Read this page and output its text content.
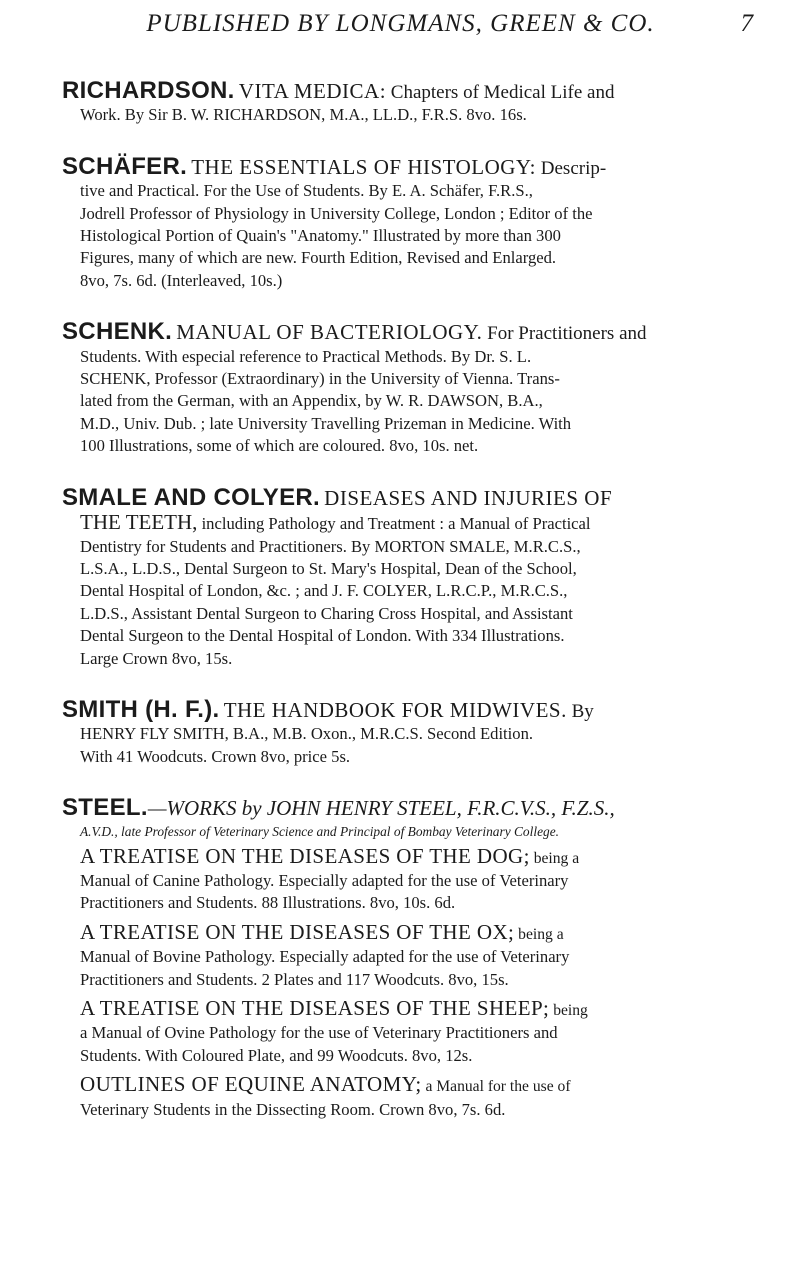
PUBLISHED BY LONGMANS, GREEN & CO.	7
RICHARDSON. VITA MEDICA: Chapters of Medical Life and
Work. By Sir B. W. RICHARDSON, M.A., LL.D., F.R.S. 8vo. 16s.
SCHÄFER. THE ESSENTIALS OF HISTOLOGY: Descrip-
tive and Practical. For the Use of Students. By E. A. Schäfer, F.R.S.,
Jodrell Professor of Physiology in University College, London ; Editor of the
Histological Portion of Quain's "Anatomy." Illustrated by more than 300
Figures, many of which are new. Fourth Edition, Revised and Enlarged.
8vo, 7s. 6d. (Interleaved, 10s.)
SCHENK. MANUAL OF BACTERIOLOGY. For Practitioners and
Students. With especial reference to Practical Methods. By Dr. S. L.
SCHENK, Professor (Extraordinary) in the University of Vienna. Trans-
lated from the German, with an Appendix, by W. R. DAWSON, B.A.,
M.D., Univ. Dub. ; late University Travelling Prizeman in Medicine. With
100 Illustrations, some of which are coloured. 8vo, 10s. net.
SMALE AND COLYER. DISEASES AND INJURIES OF
THE TEETH, including Pathology and Treatment : a Manual of Practical
Dentistry for Students and Practitioners. By MORTON SMALE, M.R.C.S.,
L.S.A., L.D.S., Dental Surgeon to St. Mary's Hospital, Dean of the School,
Dental Hospital of London, &c. ; and J. F. COLYER, L.R.C.P., M.R.C.S.,
L.D.S., Assistant Dental Surgeon to Charing Cross Hospital, and Assistant
Dental Surgeon to the Dental Hospital of London. With 334 Illustrations.
Large Crown 8vo, 15s.
SMITH (H. F.). THE HANDBOOK FOR MIDWIVES. By
HENRY FLY SMITH, B.A., M.B. Oxon., M.R.C.S. Second Edition.
With 41 Woodcuts. Crown 8vo, price 5s.
STEEL.—WORKS by JOHN HENRY STEEL, F.R.C.V.S., F.Z.S.,
A.V.D., late Professor of Veterinary Science and Principal of Bombay Veterinary College.
A TREATISE ON THE DISEASES OF THE DOG; being a
Manual of Canine Pathology. Especially adapted for the use of Veterinary
Practitioners and Students. 88 Illustrations. 8vo, 10s. 6d.
A TREATISE ON THE DISEASES OF THE OX; being a
Manual of Bovine Pathology. Especially adapted for the use of Veterinary
Practitioners and Students. 2 Plates and 117 Woodcuts. 8vo, 15s.
A TREATISE ON THE DISEASES OF THE SHEEP; being
a Manual of Ovine Pathology for the use of Veterinary Practitioners and
Students. With Coloured Plate, and 99 Woodcuts. 8vo, 12s.
OUTLINES OF EQUINE ANATOMY; a Manual for the use of
Veterinary Students in the Dissecting Room. Crown 8vo, 7s. 6d.
